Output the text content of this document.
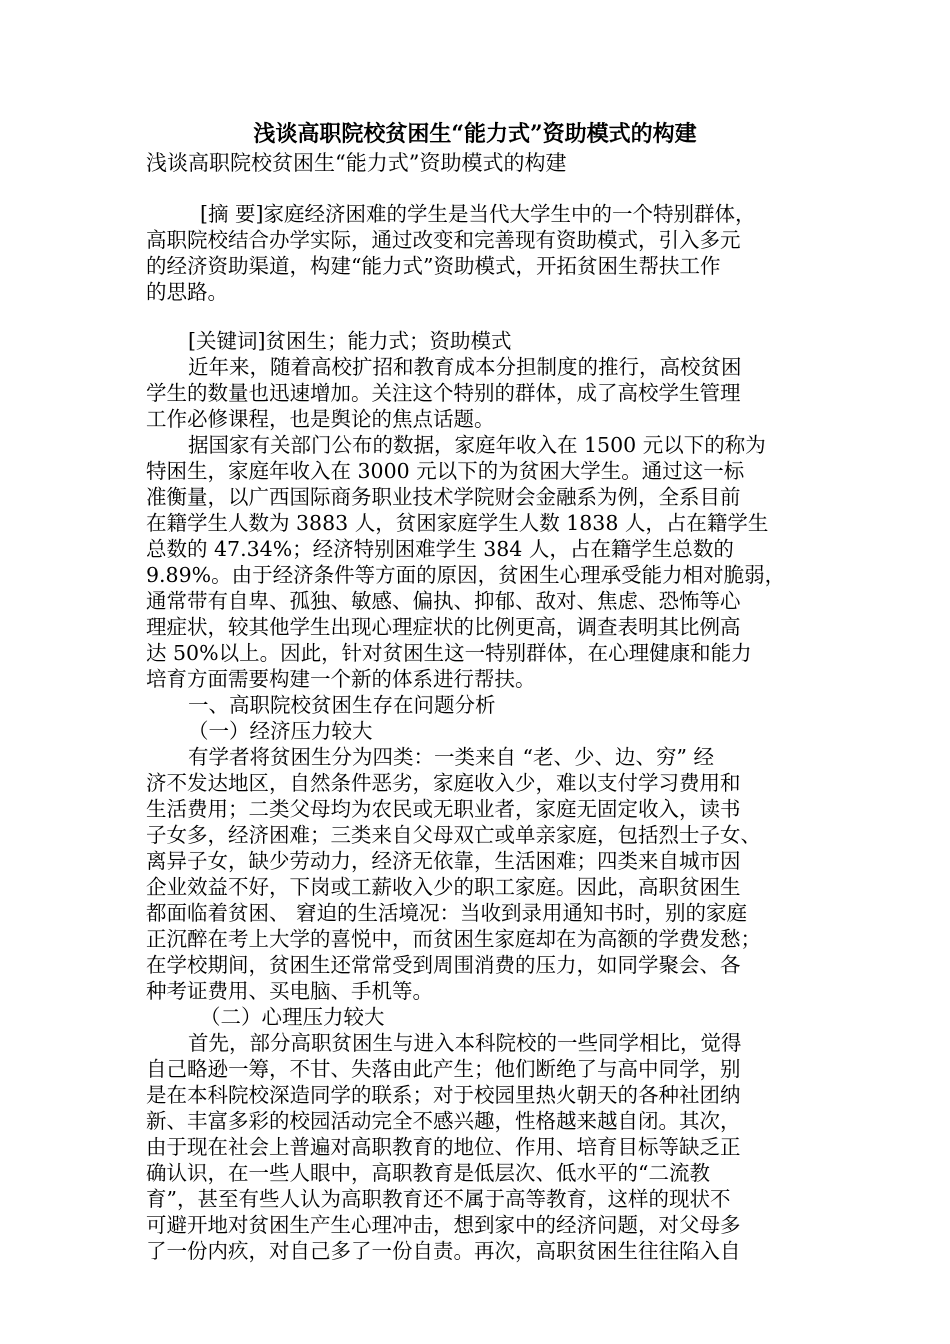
浅谈高职院校贫困生“能力式”资助模式的构建
浅谈高职院校贫困生“能力式”资助模式的构建
[摘 要]家庭经济困难的学生是当代大学生中的一个特别群体，
高职院校结合办学实际，通过改变和完善现有资助模式，引入多元
的经济资助渠道，构建“能力式”资助模式，开拓贫困生帮扶工作
的思路。
[关键词]贫困生；能力式；资助模式
近年来，随着高校扩招和教育成本分担制度的推行，高校贫困
学生的数量也迅速增加。关注这个特别的群体，成了高校学生管理
工作必修课程，也是舆论的焦点话题。
据国家有关部门公布的数据，家庭年收入在 1500 元以下的称为
特困生，家庭年收入在 3000 元以下的为贫困大学生。通过这一标
准衡量，以广西国际商务职业技术学院财会金融系为例，全系目前
在籍学生人数为 3883 人，贫困家庭学生人数 1838 人，占在籍学生
总数的 47.34%；经济特别困难学生 384 人，占在籍学生总数的
9.89%。由于经济条件等方面的原因，贫困生心理承受能力相对脆弱，
通常带有自卑、孤独、敏感、偏执、抑郁、敌对、焦虑、恐怖等心
理症状，较其他学生出现心理症状的比例更高，调查表明其比例高
达 50%以上。因此，针对贫困生这一特别群体，在心理健康和能力
培育方面需要构建一个新的体系进行帮扶。
一、高职院校贫困生存在问题分析
（一）经济压力较大
有学者将贫困生分为四类：一类来自 “老、少、边、穷” 经
济不发达地区，自然条件恶劣，家庭收入少，难以支付学习费用和
生活费用；二类父母均为农民或无职业者，家庭无固定收入，读书
子女多，经济困难；三类来自父母双亡或单亲家庭，包括烈士子女、
离异子女，缺少劳动力，经济无依靠，生活困难；四类来自城市因
企业效益不好，下岗或工薪收入少的职工家庭。因此，高职贫困生
都面临着贫困、 窘迫的生活境况：当收到录用通知书时，别的家庭
正沉醉在考上大学的喜悦中，而贫困生家庭却在为高额的学费发愁；
在学校期间，贫困生还常常受到周围消费的压力，如同学聚会、各
种考证费用、买电脑、手机等。
（二）心理压力较大
首先，部分高职贫困生与进入本科院校的一些同学相比，觉得
自己略逊一筹，不甘、失落由此产生；他们断绝了与高中同学，别
是在本科院校深造同学的联系；对于校园里热火朝天的各种社团纳
新、丰富多彩的校园活动完全不感兴趣，性格越来越自闭。其次，
由于现在社会上普遍对高职教育的地位、作用、培育目标等缺乏正
确认识，在一些人眼中，高职教育是低层次、低水平的“二流教
育”，甚至有些人认为高职教育还不属于高等教育，这样的现状不
可避开地对贫困生产生心理冲击，想到家中的经济问题，对父母多
了一份内疚，对自己多了一份自责。再次，高职贫困生往往陷入自
